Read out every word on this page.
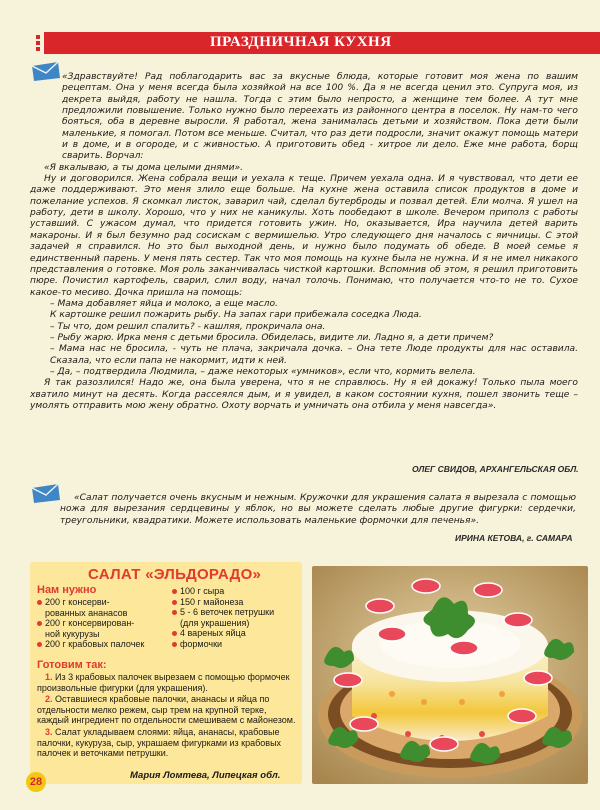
ПРАЗДНИЧНАЯ КУХНЯ

«Здравствуйте! Рад поблагодарить вас за вкусные блюда, которые готовит моя жена по вашим рецептам. Она у меня всегда была хозяйкой на все 100 %. Да я не всегда ценил это. Супруга моя, из декрета выйдя, работу не нашла. Тогда с этим было непросто, а женщине тем более. А тут мне предложили повышение. Только нужно было переехать из районного центра в поселок. Ну нам-то чего бояться, оба в деревне выросли. Я работал, жена занималась детьми и хозяйством. Пока дети были маленькие, я помогал. Потом все меньше. Считал, что раз дети подросли, значит окажут помощь матери и в доме, и в огороде, и с живностью. А приготовить обед - хитрое ли дело. Еже мне работа, борщ сварить. Ворчал:

«Я вкалываю, а ты дома целыми днями».

Ну и договорился. Жена собрала вещи и уехала к теще. Причем уехала одна. И я чувствовал, что дети ее даже поддерживают. Это меня злило еще больше. На кухне жена оставила список продуктов в доме и пожелание успехов. Я скомкал листок, заварил чай, сделал бутерброды и позвал детей. Ели молча. Я ушел на работу, дети в школу. Хорошо, что у них не каникулы. Хоть пообедают в школе. Вечером приполз с работы уставший. С ужасом думал, что придется готовить ужин. Но, оказывается, Ира научила детей варить макароны. И я был безумно рад сосискам с вермишелью. Утро следующего дня началось с яичницы. С этой задачей я справился. Но это был выходной день, и нужно было подумать об обеде. В моей семье я единственный парень. У меня пять сестер. Так что моя помощь на кухне была не нужна. И я не имел никакого представления о готовке. Моя роль заканчивалась чисткой картошки. Вспомнив об этом, я решил приготовить пюре. Почистил картофель, сварил, слил воду, начал толочь. Понимаю, что получается что-то не то. Сухое какое-то месиво. Дочка пришла на помощь:

– Мама добавляет яйца и молоко, а еще масло.

К картошке решил пожарить рыбу. На запах гари прибежала соседка Люда.

– Ты что, дом решил спалить? - кашляя, прокричала она.

– Рыбу жарю. Ирка меня с детьми бросила. Обиделась, видите ли. Ладно я, а дети причем?

– Мама нас не бросила, - чуть не плача, закричала дочка. – Она тете Люде продукты для нас оставила. Сказала, что если папа не накормит, идти к ней.

– Да, – подтвердила Людмила, – даже некоторых «умников», если что, кормить велела.

Я так разозлился! Надо же, она была уверена, что я не справлюсь. Ну я ей докажу! Только пыла моего хватило минут на десять. Когда рассеялся дым, и я увидел, в каком состоянии кухня, пошел звонить теще – умолять отправить мою жену обратно. Охоту ворчать и умничать она отбила у меня навсегда».

ОЛЕГ СВИДОВ, АРХАНГЕЛЬСКАЯ ОБЛ.

«Салат получается очень вкусным и нежным. Кружочки для украшения салата я вырезала с помощью ножа для вырезания сердцевины у яблок, но вы можете сделать любые другие фигурки: сердечки, треугольники, квадратики. Можете использовать маленькие формочки для печенья».

ИРИНА КЕТОВА, г. САМАРА
САЛАТ «ЭЛЬДОРАДО»
Нам нужно
200 г консерви-
рованных ананасов
200 г консервирован-
ной кукурузы
200 г крабовых палочек
100 г сыра
150 г майонеза
5 - 6 веточек петрушки
(для украшения)
4 вареных яйца
формочки
Готовим так:
1. Из 3 крабовых палочек вырезаем с помощью формочек произвольные фигурки (для украшения).
2. Оставшиеся крабовые палочки, ананасы и яйца по отдельности мелко режем, сыр трем на крупной терке, каждый ингредиент по отдельности смешиваем с майонезом.
3. Салат укладываем слоями: яйца, ананасы, крабовые палочки, кукуруза, сыр, украшаем фигурками из крабовых палочек и веточками петрушки.
Мария Ломтева, Липецкая обл.
28
